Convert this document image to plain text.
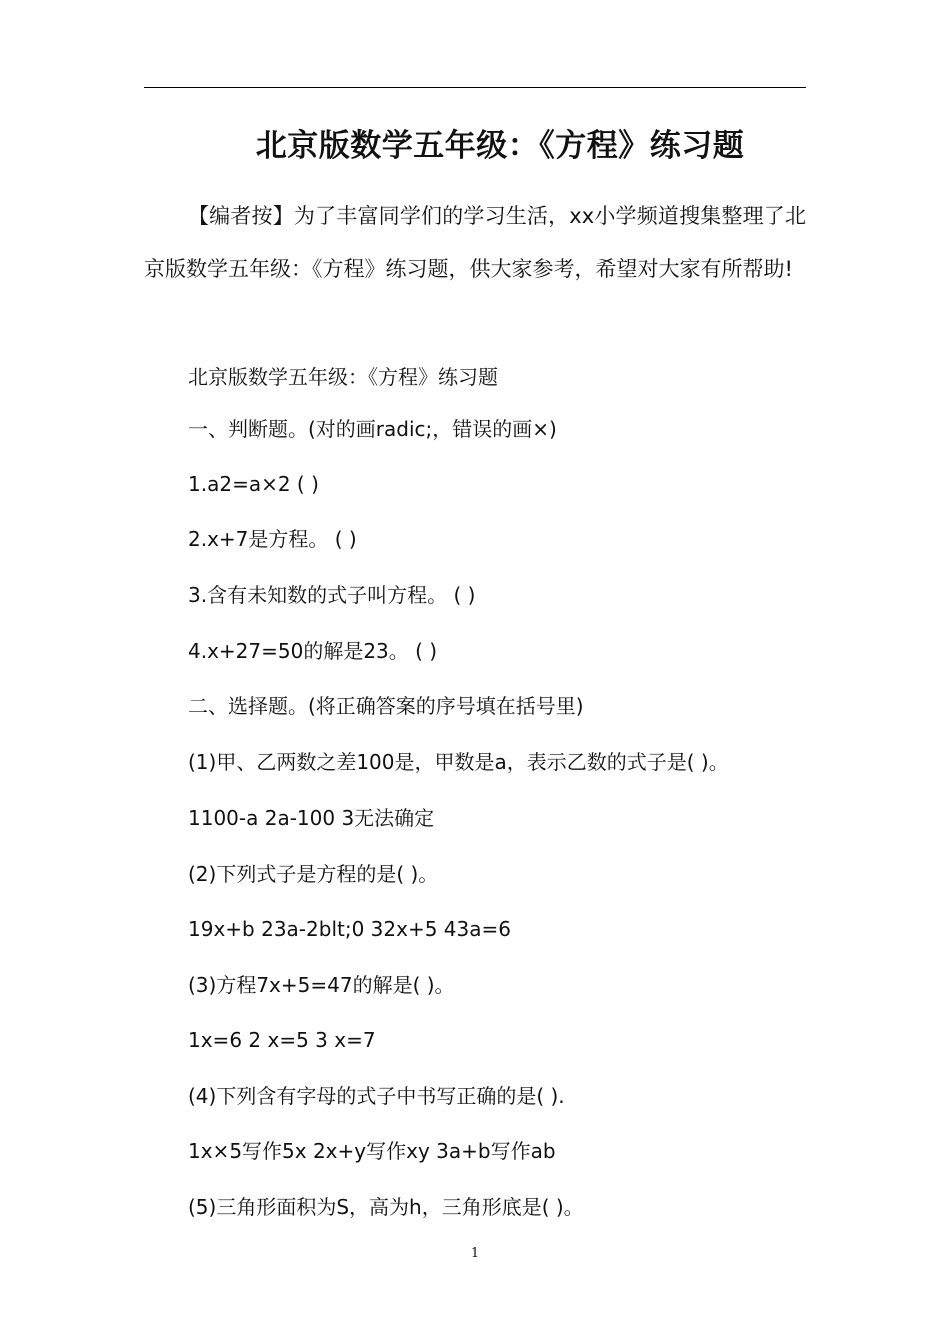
北京版数学五年级：《方程》练习题

【编者按】为了丰富同学们的学习生活，xx小学频道搜集整理了北京版数学五年级：《方程》练习题，供大家参考，希望对大家有所帮助!

北京版数学五年级：《方程》练习题
一、判断题。(对的画radic;，错误的画×)
1.a2=a×2 ( )
2.x+7是方程。 ( )
3.含有未知数的式子叫方程。 ( )
4.x+27=50的解是23。 ( )
二、选择题。(将正确答案的序号填在括号里)
(1)甲、乙两数之差100是，甲数是a，表示乙数的式子是( )。
1100-a 2a-100 3无法确定
(2)下列式子是方程的是( )。
19x+b 23a-2blt;0 32x+5 43a=6
(3)方程7x+5=47的解是( )。
1x=6 2 x=5 3 x=7
(4)下列含有字母的式子中书写正确的是( ).
1x×5写作5x 2x+y写作xy 3a+b写作ab
(5)三角形面积为S，高为h，三角形底是( )。
1
